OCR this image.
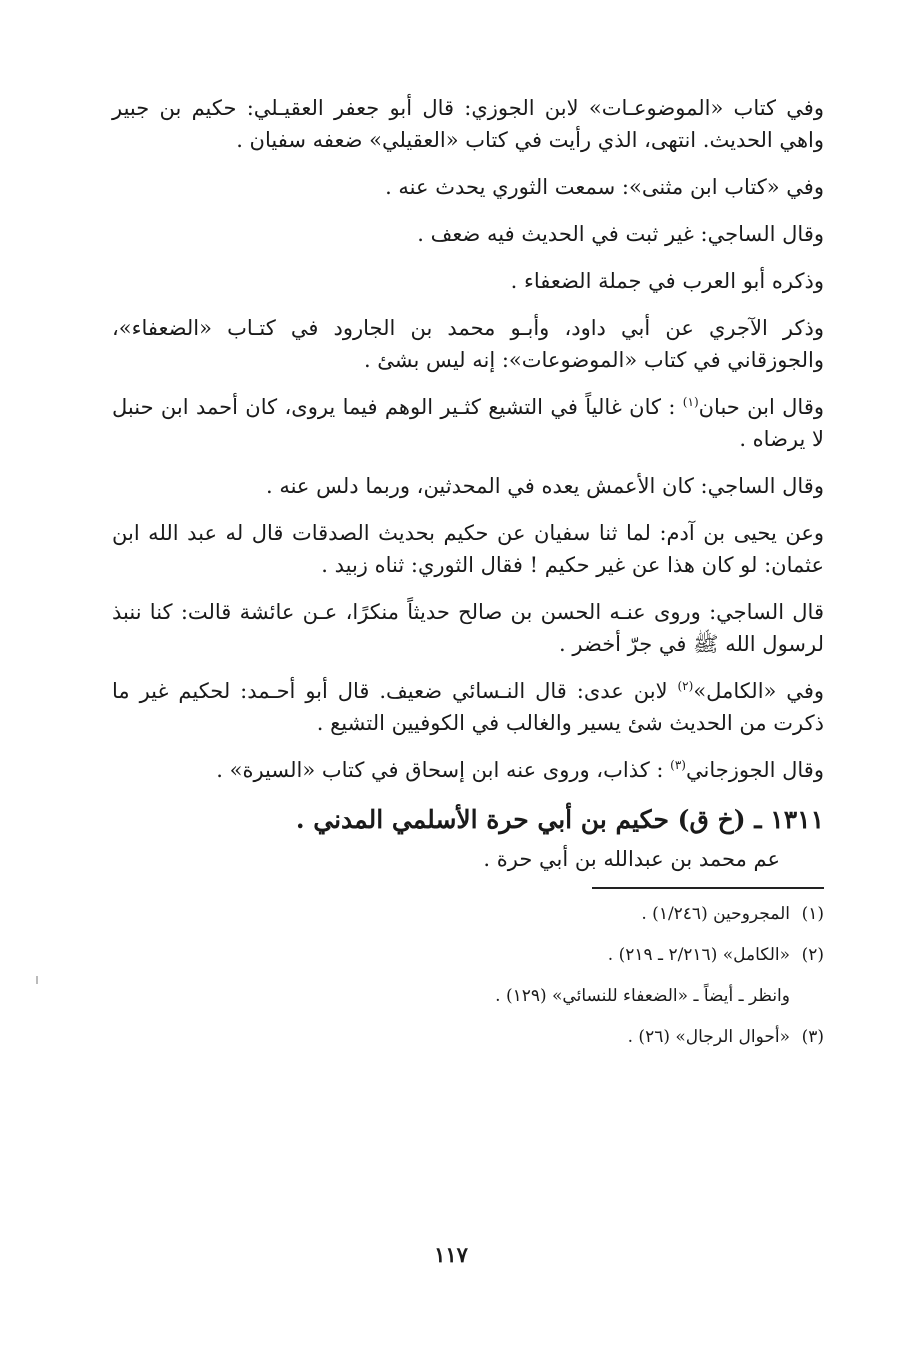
وفي كتاب «الموضوعـات» لابن الجوزي: قال أبو جعفر العقيـلي: حكيم بن جبير واهي الحديث. انتهى، الذي رأيت في كتاب «العقيلي» ضعفه سفيان .

وفي «كتاب ابن مثنى»: سمعت الثوري يحدث عنه .

وقال الساجي: غير ثبت في الحديث فيه ضعف .

وذكره أبو العرب في جملة الضعفاء .

وذكر الآجري عن أبي داود، وأبـو محمد بن الجارود في كتـاب «الضعفاء»، والجوزقاني في كتاب «الموضوعات»: إنه ليس بشئ .

وقال ابن حبان$^{(١)}$ : كان غالياً في التشيع كثـير الوهم فيما يروى، كان أحمد ابن حنبل لا يرضاه .

وقال الساجي: كان الأعمش يعده في المحدثين، وربما دلس عنه .

وعن يحيى بن آدم: لما ثنا سفيان عن حكيم بحديث الصدقات قال له عبد الله ابن عثمان: لو كان هذا عن غير حكيم ! فقال الثوري: ثناه زبيد .

قال الساجي: وروى عنـه الحسن بن صالح حديثاً منكرًا، عـن عائشة قالت: كنا ننبذ لرسول الله ﷺ في جرّ أخضر .

وفي «الكامل»$^{(٢)}$ لابن عدى: قال النـسائي ضعيف. قال أبو أحـمد: لحكيم غير ما ذكرت من الحديث شئ يسير والغالب في الكوفيين التشيع .

وقال الجوزجاني$^{(٣)}$ : كذاب، وروى عنه ابن إسحاق في كتاب «السيرة» .

١٣١١ ـ (خ ق) حكيم بن أبي حرة الأسلمي المدني .
عم محمد بن عبدالله بن أبي حرة .
(١)المجروحين (١/٢٤٦) .
(٢)«الكامل» (٢/٢١٦ ـ ٢١٩) .
وانظر ـ أيضاً ـ «الضعفاء للنسائي» (١٢٩) .
(٣)«أحوال الرجال» (٢٦) .
١١٧
